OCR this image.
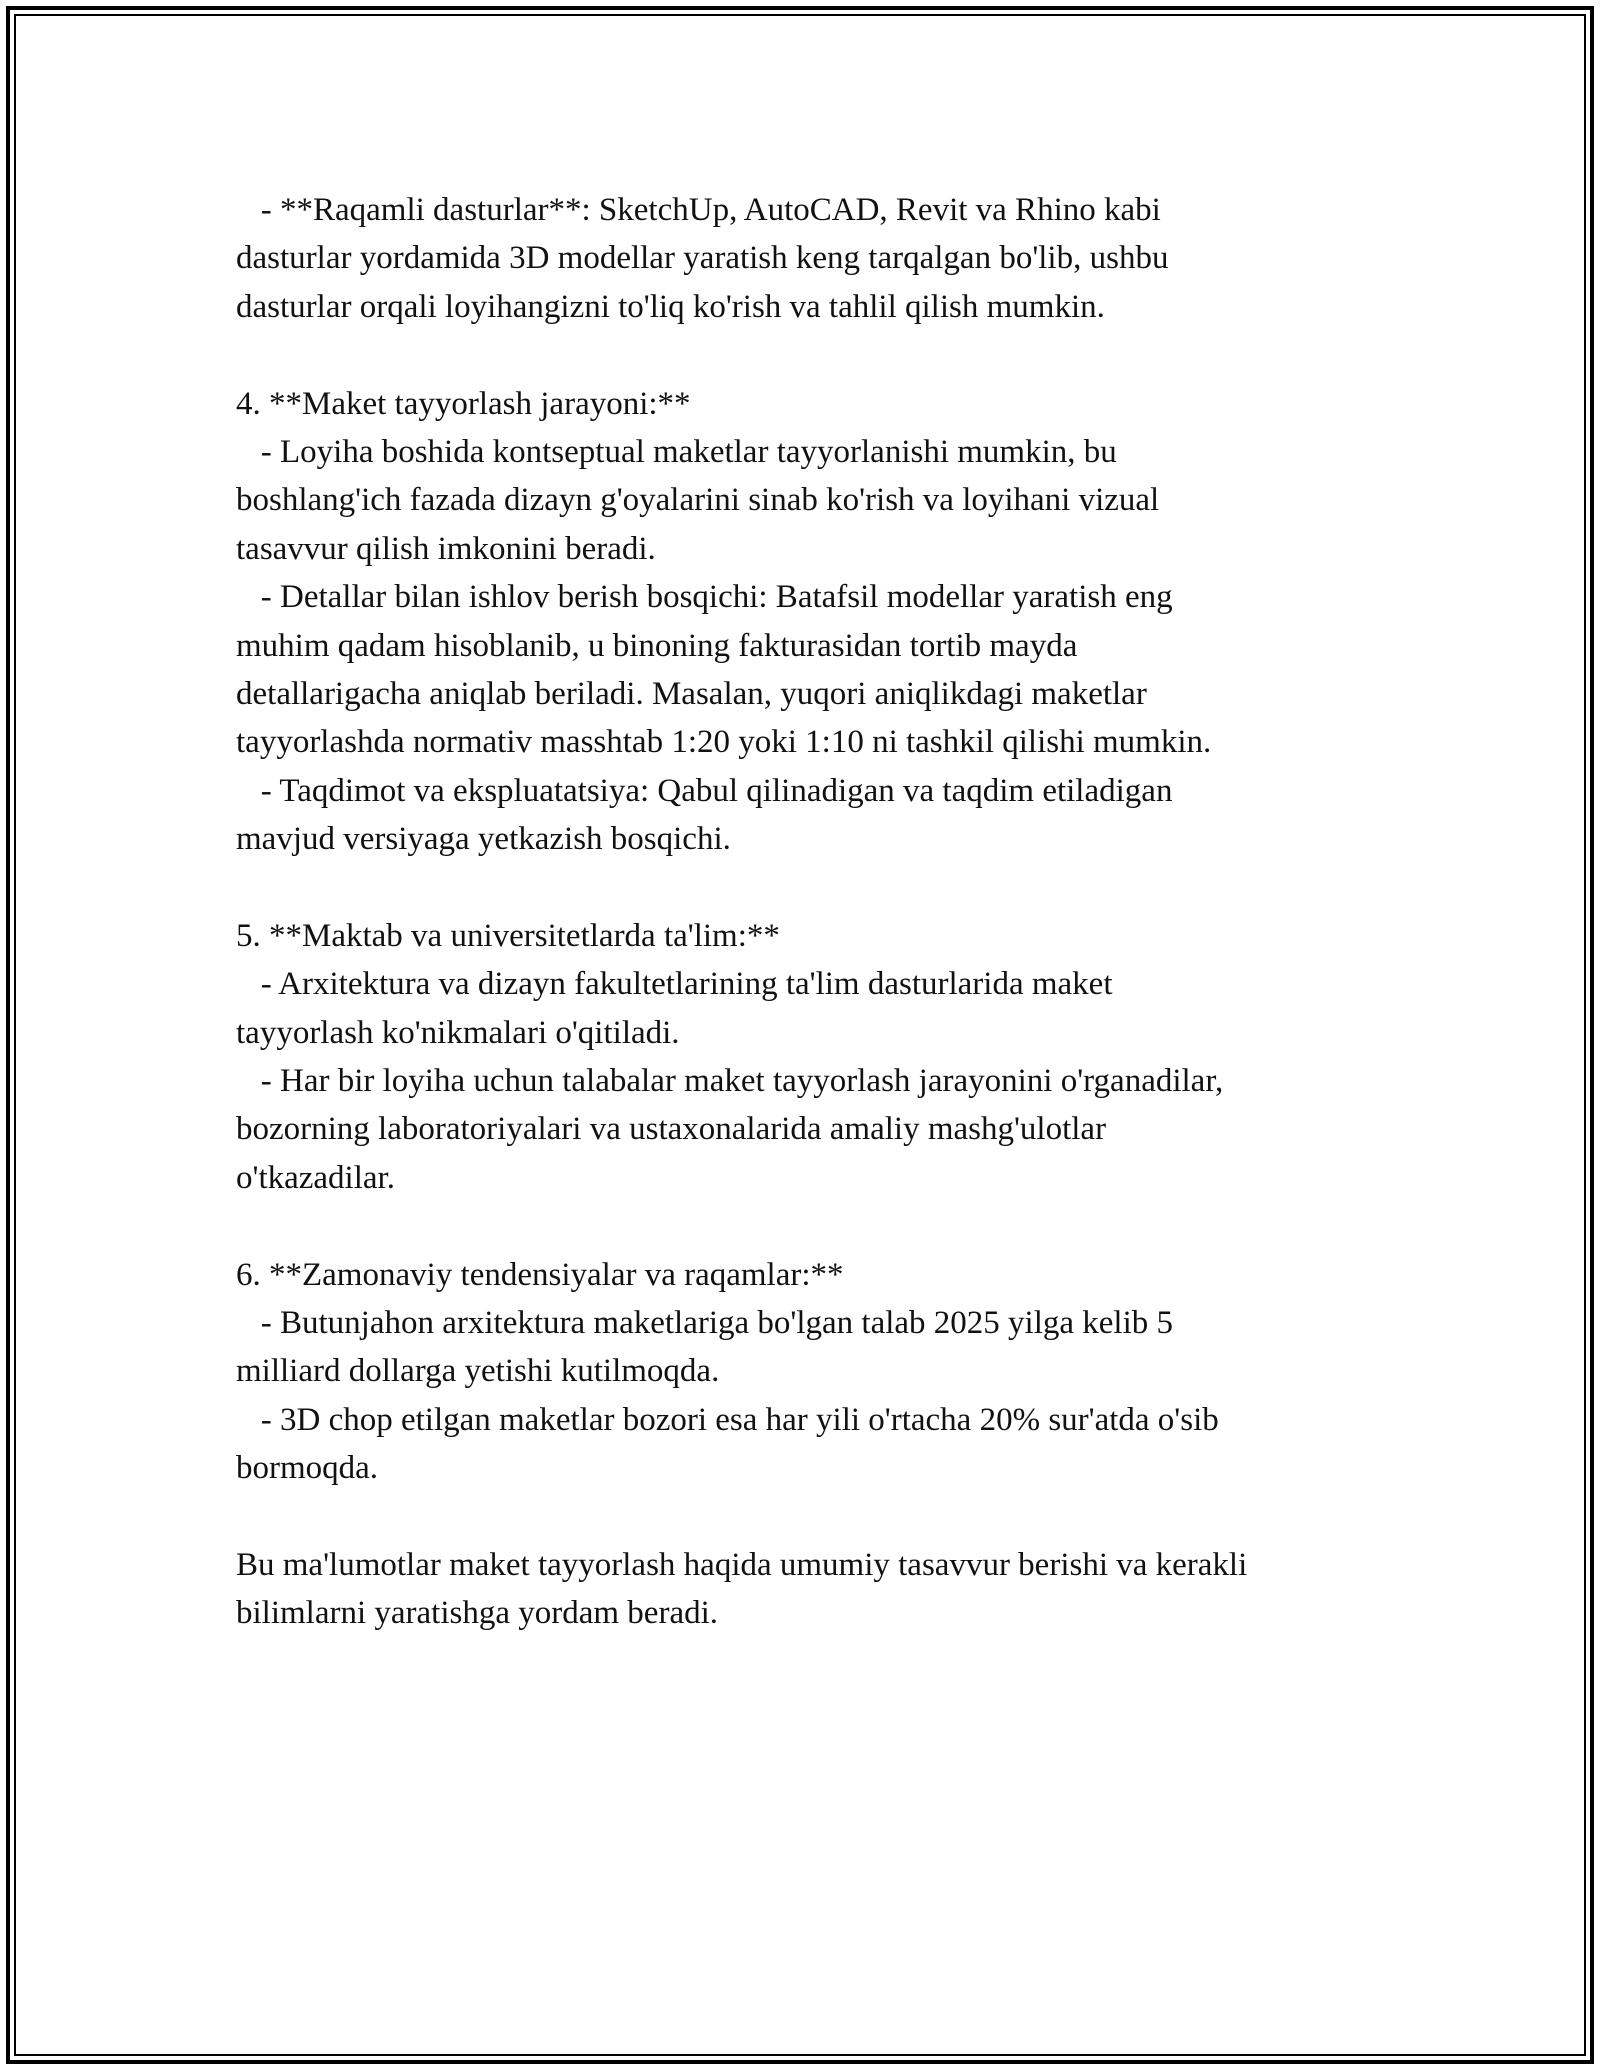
- **Raqamli dasturlar**: SketchUp, AutoCAD, Revit va Rhino kabi
dasturlar yordamida 3D modellar yaratish keng tarqalgan bo'lib, ushbu
dasturlar orqali loyihangizni to'liq ko'rish va tahlil qilish mumkin.
4. **Maket tayyorlash jarayoni:**
- Loyiha boshida kontseptual maketlar tayyorlanishi mumkin, bu
boshlang'ich fazada dizayn g'oyalarini sinab ko'rish va loyihani vizual
tasavvur qilish imkonini beradi.
- Detallar bilan ishlov berish bosqichi: Batafsil modellar yaratish eng
muhim qadam hisoblanib, u binoning fakturasidan tortib mayda
detallarigacha aniqlab beriladi. Masalan, yuqori aniqlikdagi maketlar
tayyorlashda normativ masshtab 1:20 yoki 1:10 ni tashkil qilishi mumkin.
- Taqdimot va ekspluatatsiya: Qabul qilinadigan va taqdim etiladigan
mavjud versiyaga yetkazish bosqichi.
5. **Maktab va universitetlarda ta'lim:**
- Arxitektura va dizayn fakultetlarining ta'lim dasturlarida maket
tayyorlash ko'nikmalari o'qitiladi.
- Har bir loyiha uchun talabalar maket tayyorlash jarayonini o'rganadilar,
bozorning laboratoriyalari va ustaxonalarida amaliy mashg'ulotlar
o'tkazadilar.
6. **Zamonaviy tendensiyalar va raqamlar:**
- Butunjahon arxitektura maketlariga bo'lgan talab 2025 yilga kelib 5
milliard dollarga yetishi kutilmoqda.
- 3D chop etilgan maketlar bozori esa har yili o'rtacha 20% sur'atda o'sib
bormoqda.
Bu ma'lumotlar maket tayyorlash haqida umumiy tasavvur berishi va kerakli
bilimlarni yaratishga yordam beradi.
